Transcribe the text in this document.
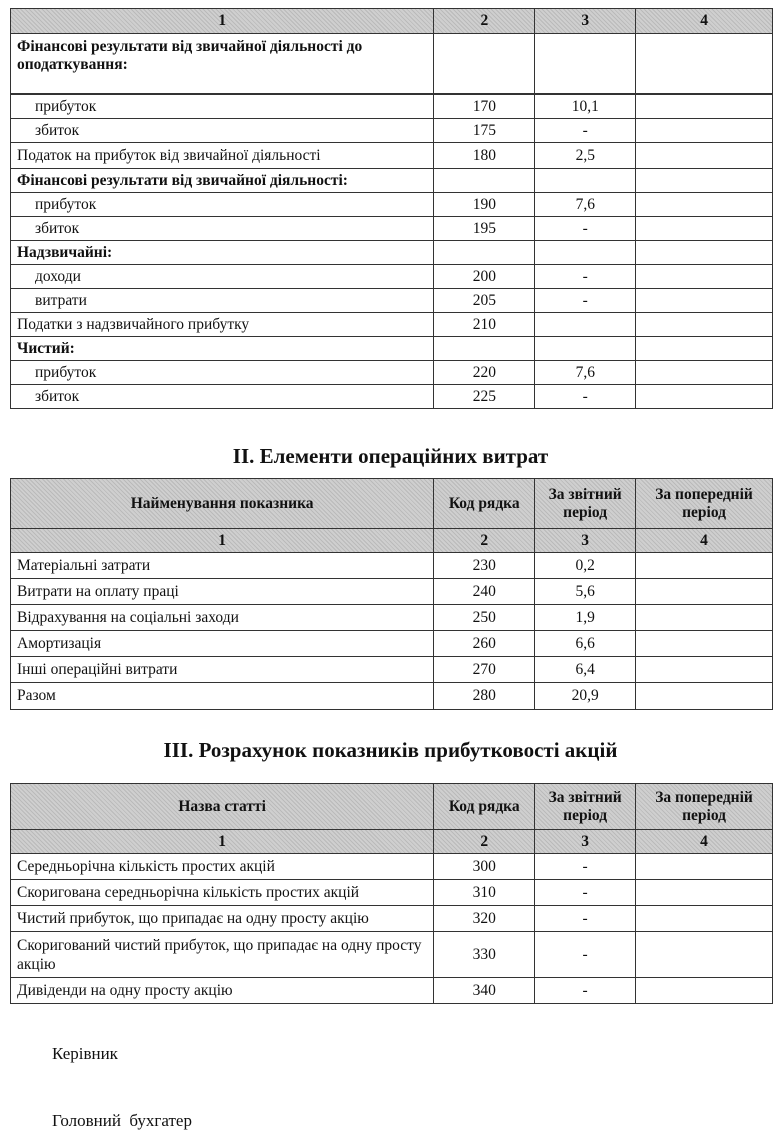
1	2	3	4
Фінансові результати від звичайної діяльності до оподаткування:			
прибуток	170	10,1	
збиток	175	-	
Податок на прибуток від звичайної діяльності	180	2,5	
Фінансові результати від звичайної діяльності:			
прибуток	190	7,6	
збиток	195	-	
Надзвичайні:			
доходи	200	-	
витрати	205	-	
Податки з надзвичайного прибутку	210		
Чистий:			
прибуток	220	7,6	
збиток	225	-	
II. Елементи операційних витрат
Найменування показника	Код рядка	За звітний період	За попередній період
1	2	3	4
Матеріальні затрати	230	0,2	
Витрати на оплату праці	240	5,6	
Відрахування на соціальні заходи	250	1,9	
Амортизація	260	6,6	
Інші операційні витрати	270	6,4	
Разом	280	20,9	
III. Розрахунок показників прибутковості акцій
Назва статті	Код рядка	За звітний період	За попередній період
1	2	3	4
Середньорічна кількість простих акцій	300	-	
Скоригована середньорічна кількість простих акцій	310	-	
Чистий прибуток, що припадає на одну просту акцію	320	-	
Скоригований чистий прибуток, що припадає на одну просту акцію	330	-	
Дивіденди на одну просту акцію	340	-	
Керівник
Головний  бухгатер
